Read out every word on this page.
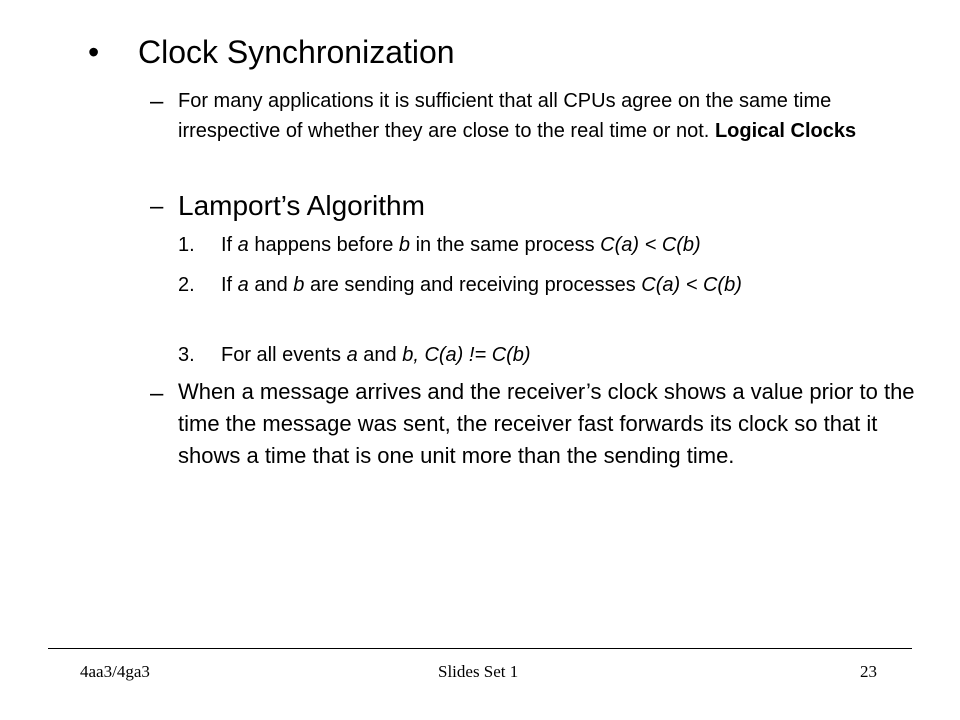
• Clock Synchronization
– For many applications it is sufficient that all CPUs agree on the same time irrespective of whether they are close to the real time or not. Logical Clocks
– Lamport’s Algorithm
1. If a happens before b in the same process C(a) < C(b)
2. If a and b are sending and receiving processes C(a) < C(b)
3. For all events a and b, C(a) != C(b)
– When a message arrives and the receiver’s clock shows a value prior to the time the message was sent, the receiver fast forwards its clock so that it shows a time that is one unit more than the sending time.
4aa3/4ga3	Slides Set 1	23
